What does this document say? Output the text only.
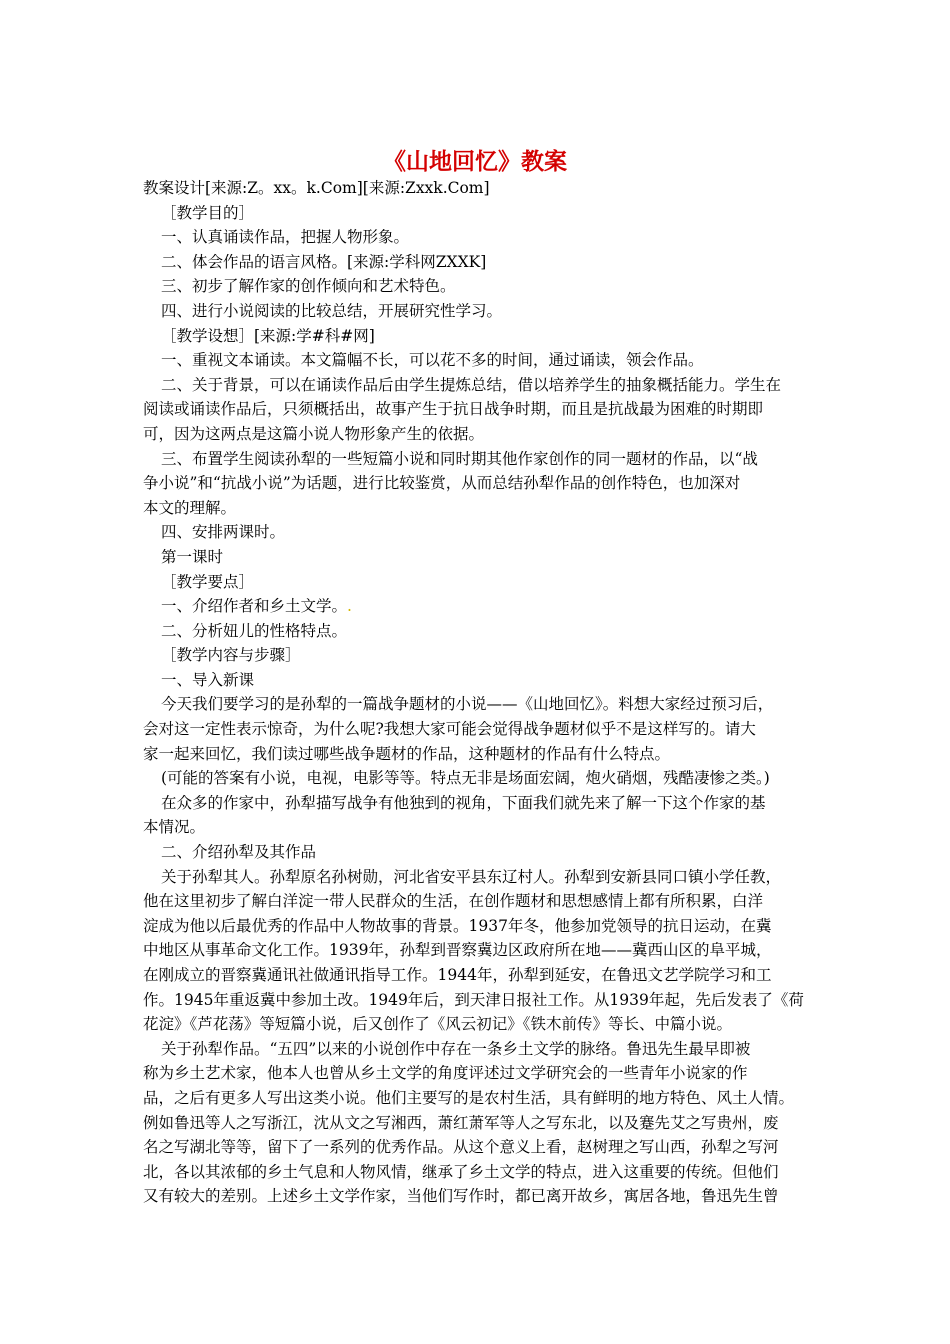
《山地回忆》教案

教案设计[来源:Z。xx。k.Com][来源:Zxxk.Com]

［教学目的］

一、认真诵读作品，把握人物形象。

二、体会作品的语言风格。[来源:学科网ZXXK]

三、初步了解作家的创作倾向和艺术特色。

四、进行小说阅读的比较总结，开展研究性学习。

［教学设想］[来源:学#科#网]

一、重视文本诵读。本文篇幅不长，可以花不多的时间，通过诵读，领会作品。

二、关于背景，可以在诵读作品后由学生提炼总结，借以培养学生的抽象概括能力。学生在

阅读或诵读作品后，只须概括出，故事产生于抗日战争时期，而且是抗战最为困难的时期即

可，因为这两点是这篇小说人物形象产生的依据。

三、布置学生阅读孙犁的一些短篇小说和同时期其他作家创作的同一题材的作品，以“战

争小说”和“抗战小说”为话题，进行比较鉴赏，从而总结孙犁作品的创作特色，也加深对

本文的理解。

四、安排两课时。

第一课时

［教学要点］

一、介绍作者和乡土文学。.

二、分析妞儿的性格特点。

［教学内容与步骤］

一、导入新课

今天我们要学习的是孙犁的一篇战争题材的小说——《山地回忆》。料想大家经过预习后，

会对这一定性表示惊奇，为什么呢?我想大家可能会觉得战争题材似乎不是这样写的。请大

家一起来回忆，我们读过哪些战争题材的作品，这种题材的作品有什么特点。

(可能的答案有小说，电视，电影等等。特点无非是场面宏阔，炮火硝烟，残酷凄惨之类。)

在众多的作家中，孙犁描写战争有他独到的视角，下面我们就先来了解一下这个作家的基

本情况。

二、介绍孙犁及其作品

关于孙犁其人。孙犁原名孙树勋，河北省安平县东辽村人。孙犁到安新县同口镇小学任教，

他在这里初步了解白洋淀一带人民群众的生活，在创作题材和思想感情上都有所积累，白洋

淀成为他以后最优秀的作品中人物故事的背景。1937年冬，他参加党领导的抗日运动，在冀

中地区从事革命文化工作。1939年，孙犁到晋察冀边区政府所在地——冀西山区的阜平城，

在刚成立的晋察冀通讯社做通讯指导工作。1944年，孙犁到延安，在鲁迅文艺学院学习和工

作。1945年重返冀中参加土改。1949年后，到天津日报社工作。从1939年起，先后发表了《荷

花淀》《芦花荡》等短篇小说，后又创作了《风云初记》《铁木前传》等长、中篇小说。

关于孙犁作品。“五四”以来的小说创作中存在一条乡土文学的脉络。鲁迅先生最早即被

称为乡土艺术家，他本人也曾从乡土文学的角度评述过文学研究会的一些青年小说家的作

品，之后有更多人写出这类小说。他们主要写的是农村生活，具有鲜明的地方特色、风土人情。

例如鲁迅等人之写浙江，沈从文之写湘西，萧红萧军等人之写东北，以及蹇先艾之写贵州，废

名之写湖北等等，留下了一系列的优秀作品。从这个意义上看，赵树理之写山西，孙犁之写河

北，各以其浓郁的乡土气息和人物风情，继承了乡土文学的特点，进入这重要的传统。但他们

又有较大的差别。上述乡土文学作家，当他们写作时，都已离开故乡，寓居各地，鲁迅先生曾
